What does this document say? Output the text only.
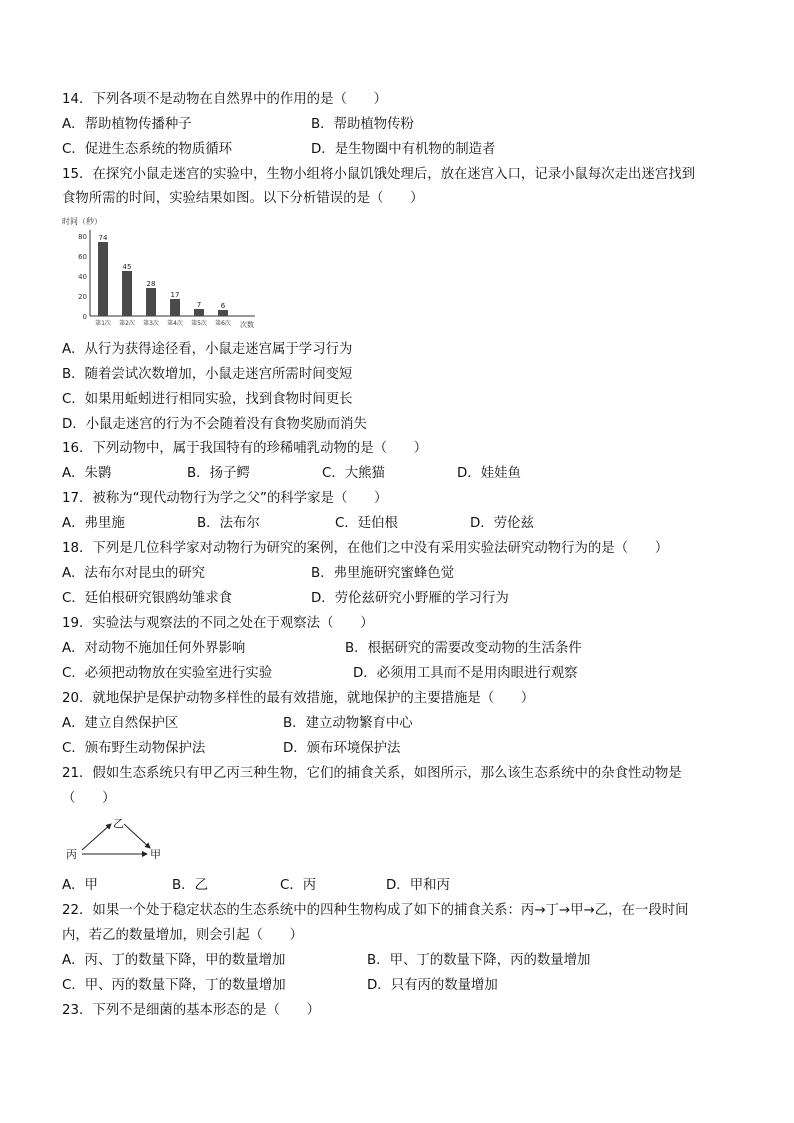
14．下列各项不是动物在自然界中的作用的是（　　）
A．帮助植物传播种子	B．帮助植物传粉
C．促进生态系统的物质循环	D．是生物圈中有机物的制造者
15．在探究小鼠走迷宫的实验中，生物小组将小鼠饥饿处理后，放在迷宫入口，记录小鼠每次走出迷宫找到
食物所需的时间，实验结果如图。以下分析错误的是（　　）
时间（秒）
0
20
40
60
80 74
第1次
45
第2次
28
第3次
17
第4次
7
第5次
6
第6次 次数
A．从行为获得途径看，小鼠走迷宫属于学习行为
B．随着尝试次数增加，小鼠走迷宫所需时间变短
C．如果用蚯蚓进行相同实验，找到食物时间更长
D．小鼠走迷宫的行为不会随着没有食物奖励而消失
16．下列动物中，属于我国特有的珍稀哺乳动物的是（　　）
A．朱鹮	B．扬子鳄	C．大熊猫	D．娃娃鱼
17．被称为“现代动物行为学之父”的科学家是（　　）
A．弗里施	B．法布尔	C．廷伯根	D．劳伦兹
18．下列是几位科学家对动物行为研究的案例，在他们之中没有采用实验法研究动物行为的是（　　）
A．法布尔对昆虫的研究	B．弗里施研究蜜蜂色觉
C．廷伯根研究银鸥幼雏求食	D．劳伦兹研究小野雁的学习行为
19．实验法与观察法的不同之处在于观察法（　　）
A．对动物不施加任何外界影响	B．根据研究的需要改变动物的生活条件
C．必须把动物放在实验室进行实验	D．必须用工具而不是用肉眼进行观察
20．就地保护是保护动物多样性的最有效措施，就地保护的主要措施是（　　）
A．建立自然保护区	B．建立动物繁育中心
C．颁布野生动物保护法	D．颁布环境保护法
21．假如生态系统只有甲乙丙三种生物，它们的捕食关系，如图所示，那么该生态系统中的杂食性动物是
（　　）
乙
丙	甲
A．甲	B．乙	C．丙	D．甲和丙
22．如果一个处于稳定状态的生态系统中的四种生物构成了如下的捕食关系：丙→丁→甲→乙，在一段时间
内，若乙的数量增加，则会引起（　　）
A．丙、丁的数量下降，甲的数量增加	B．甲、丁的数量下降，丙的数量增加
C．甲、丙的数量下降，丁的数量增加	D．只有丙的数量增加
23．下列不是细菌的基本形态的是（　　）
